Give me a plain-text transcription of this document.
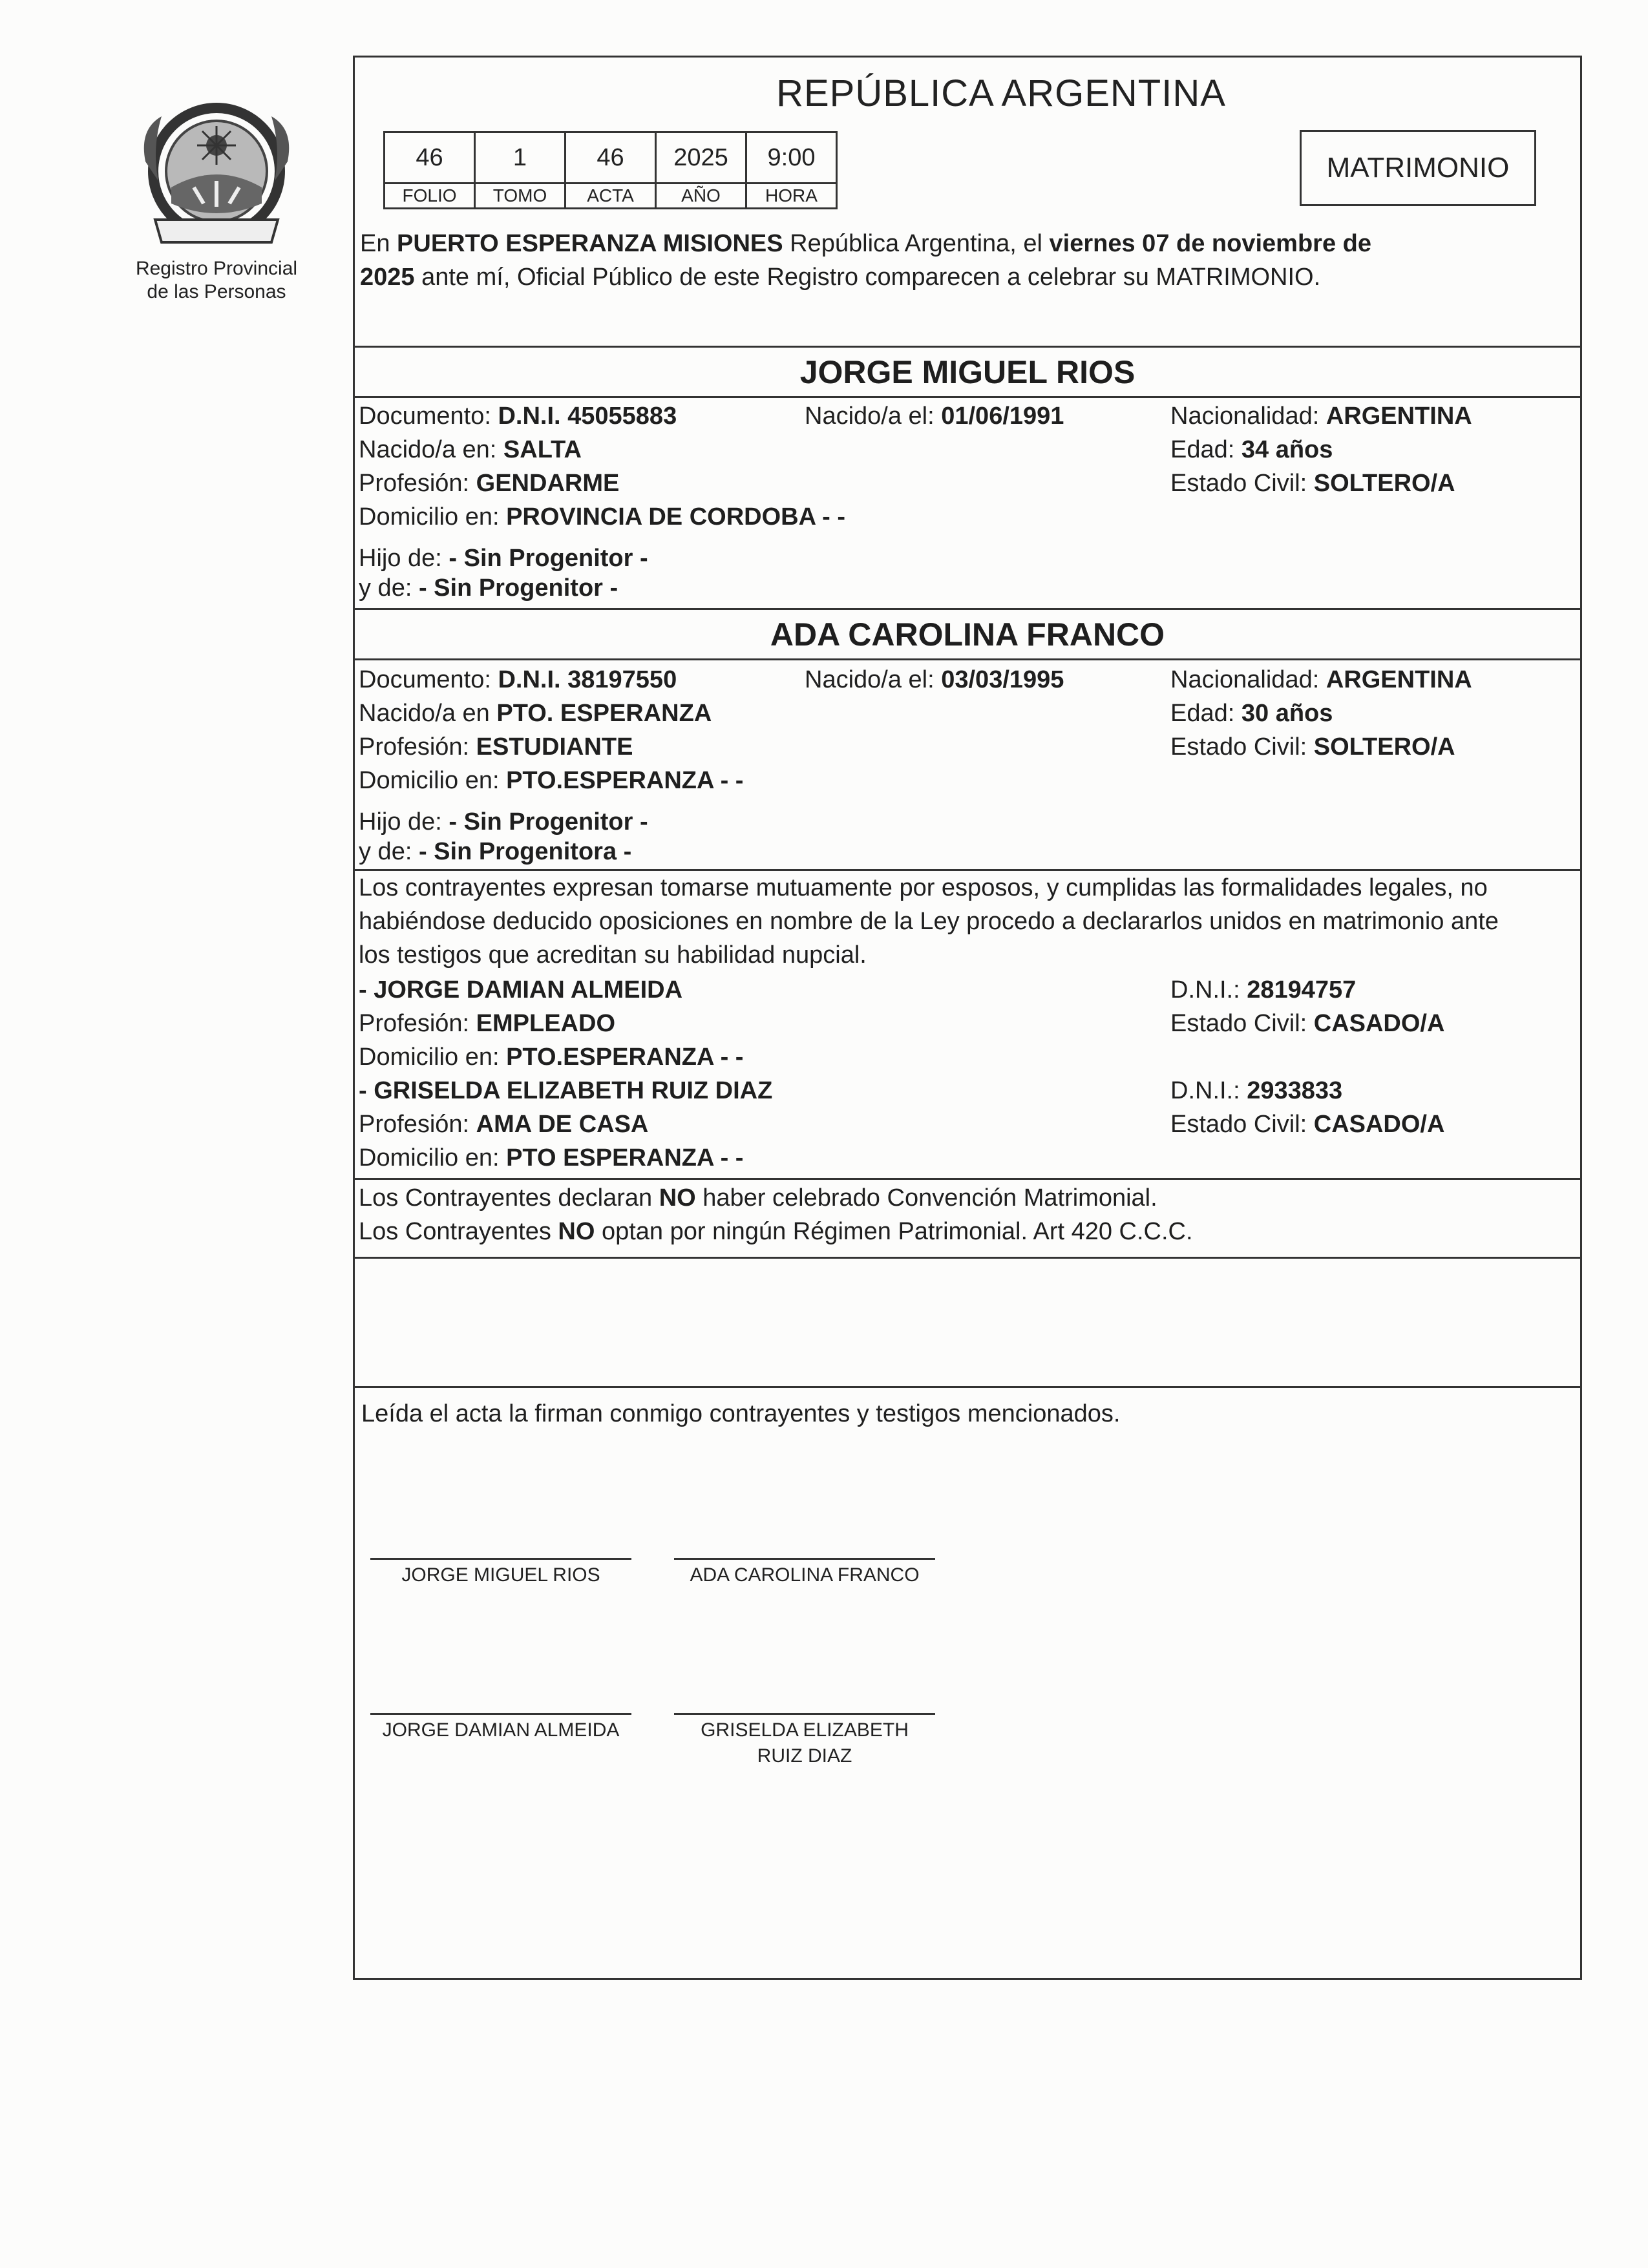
Registro Provincial
de las Personas
REPÚBLICA ARGENTINA
46	1	46	2025	9:00
FOLIO	TOMO	ACTA	AÑO	HORA
MATRIMONIO
En PUERTO ESPERANZA MISIONES República Argentina, el viernes 07 de noviembre de
2025 ante mí, Oficial Público de este Registro comparecen a celebrar su MATRIMONIO.
JORGE MIGUEL RIOS
Documento: D.N.I. 45055883	Nacido/a el: 01/06/1991	Nacionalidad: ARGENTINA
Nacido/a en: SALTA	Edad: 34 años
Profesión: GENDARME	Estado Civil: SOLTERO/A
Domicilio en: PROVINCIA DE CORDOBA - -
Hijo de: - Sin Progenitor -
y de: - Sin Progenitor -
ADA CAROLINA FRANCO
Documento: D.N.I. 38197550	Nacido/a el: 03/03/1995	Nacionalidad: ARGENTINA
Nacido/a en PTO. ESPERANZA	Edad: 30 años
Profesión: ESTUDIANTE	Estado Civil: SOLTERO/A
Domicilio en: PTO.ESPERANZA - -
Hijo de: - Sin Progenitor -
y de: - Sin Progenitora -
Los contrayentes expresan tomarse mutuamente por esposos, y cumplidas las formalidades legales, no
habiéndose deducido oposiciones en nombre de la Ley procedo a declararlos unidos en matrimonio ante
los testigos que acreditan su habilidad nupcial.
- JORGE DAMIAN ALMEIDA	D.N.I.: 28194757
Profesión: EMPLEADO	Estado Civil: CASADO/A
Domicilio en: PTO.ESPERANZA - -
- GRISELDA ELIZABETH RUIZ DIAZ	D.N.I.: 2933833
Profesión: AMA DE CASA	Estado Civil: CASADO/A
Domicilio en: PTO ESPERANZA - -
Los Contrayentes declaran NO haber celebrado Convención Matrimonial.
Los Contrayentes NO optan por ningún Régimen Patrimonial. Art 420 C.C.C.
Leída el acta la firman conmigo contrayentes y testigos mencionados.
JORGE MIGUEL RIOS	ADA CAROLINA FRANCO
JORGE DAMIAN ALMEIDA	GRISELDA ELIZABETH
RUIZ DIAZ
